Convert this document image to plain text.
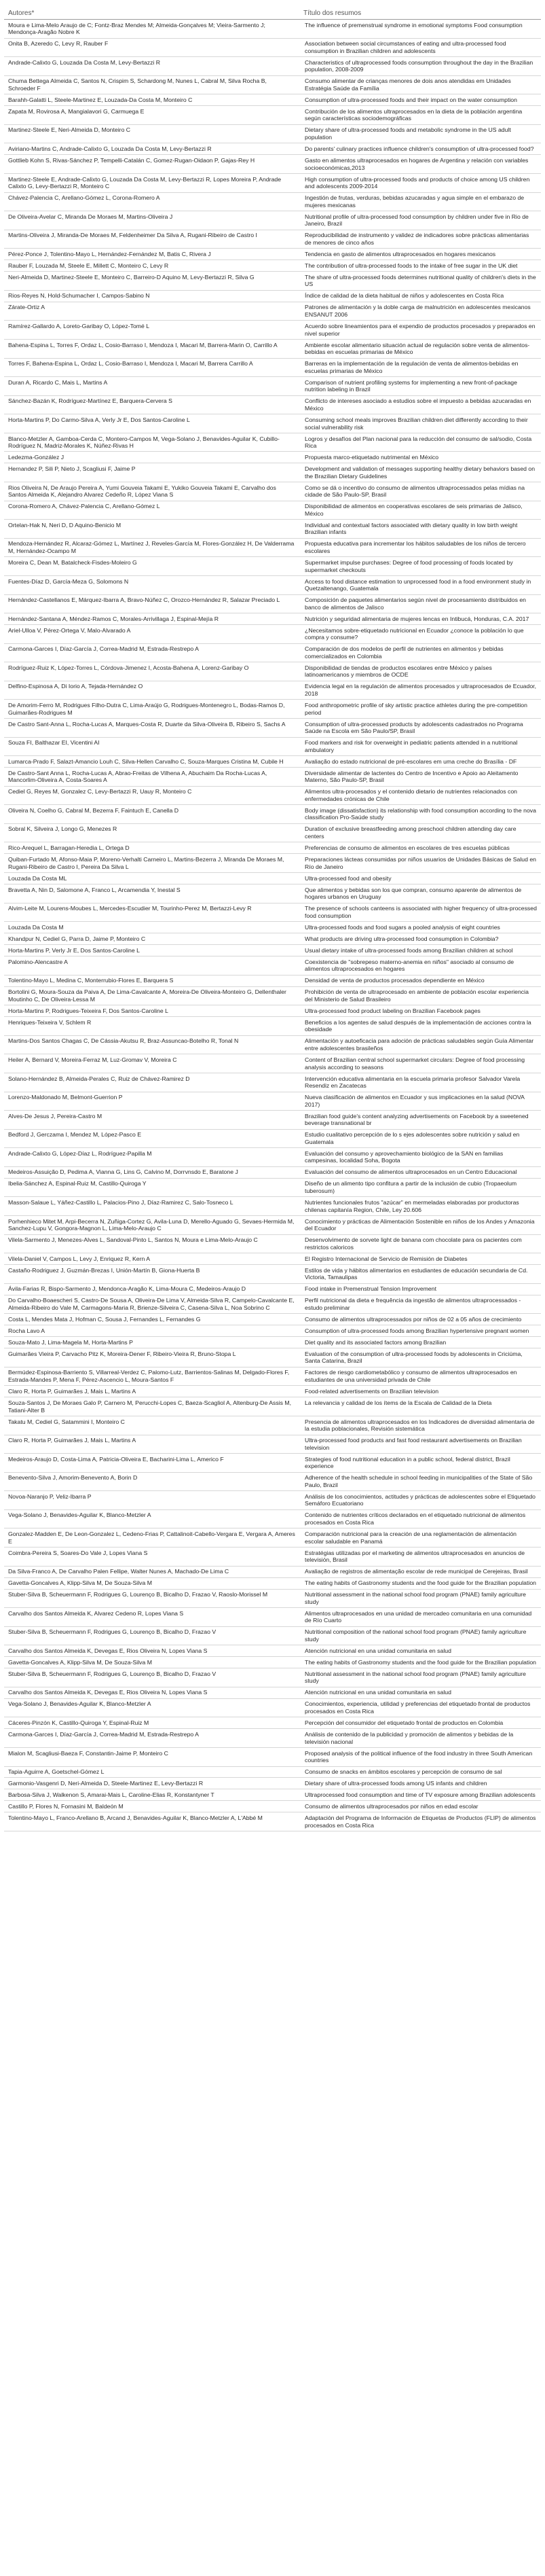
Autores*	Título dos resumos
Moura e Lima-Melo Araujo de C; Fontz-Braz Mendes M; Almeida-Gonçalves M; Vieira-Sarmento J; Mendonça-Aragão Nobre K	The influence of premenstrual syndrome in emotional symptoms Food consumption
Onita B, Azeredo C, Levy R, Rauber F	Association between social circumstances of eating and ultra-processed food consumption in Brazilian children and adolescents
Andrade-Calixto G, Louzada Da Costa M, Levy-Bertazzi R	Characteristics of ultraprocessed foods consumption throughout the day in the Brazilian population, 2008-2009
Chuma Bettega Almeida C, Santos N, Crispim S, Schardong M, Nunes L, Cabral M, Silva Rocha B, Schroeder F	Consumo alimentar de crianças menores de dois anos atendidas em Unidades Estratégia Saúde da Família
Barahh-Galatti L, Steele-Martinez E, Louzada-Da Costa M, Monteiro C	Consumption of ultra-processed foods and their impact on the water consumption
Zapata M, Rovirosa A, Mangialavori G, Carmuega E	Contribución de los alimentos ultraprocesados en la dieta de la población argentina según características sociodemográficas
Martinez-Steele E, Neri-Almeida D, Monteiro C	Dietary share of ultra-processed foods and metabolic syndrome in the US adult population
Aviriano-Martins C, Andrade-Calixto G, Louzada Da Costa M, Levy-Bertazzi R	Do parents' culinary practices influence children's consumption of ultra-processed food?
Gottlieb Kohn S, Rivas-Sánchez P, Tempelli-Catalán C, Gomez-Rugan-Oidaon P, Gajas-Rey H	Gasto en alimentos ultraprocesados en hogares de Argentina y relación con variables socioeconómicas,2013
Martinez-Steele E, Andrade-Calixto G, Louzada Da Costa M, Levy-Bertazzi R, Lopes Moreira P, Andrade Calixto G, Levy-Bertazzi R, Monteiro C	High consumption of ultra-processed foods and products of choice among US children and adolescents 2009-2014
Chávez-Palencia C, Arellano-Gómez L, Corona-Romero A	Ingestión de frutas, verduras, bebidas azucaradas y agua simple en el embarazo de mujeres mexicanas
De Oliveira-Avelar C, Miranda De Moraes M, Martins-Oliveira J	Nutritional profile of ultra-processed food consumption by children under five in Rio de Janeiro, Brazil
Martins-Oliveira J, Miranda-De Moraes M, Feldenheimer Da Silva A, Rugani-Ribeiro de Castro I	Reproducibilidad de instrumento y validez de indicadores sobre prácticas alimentarias de menores de cinco años
Pérez-Ponce J, Tolentino-Mayo L, Hernández-Fernández M, Batis C, Rivera J	Tendencia en gasto de alimentos ultraprocesados en hogares mexicanos
Rauber F, Louzada M, Steele E, Millett C, Monteiro C, Levy R	The contribution of ultra-processed foods to the intake of free sugar in the UK diet
Neri-Almeida D, Martinez-Steele E, Monteiro C, Barreiro-D Aquino M, Levy-Bertazzi R, Silva G	The share of ultra-processed foods determines nutritional quality of children's diets in the US
Rios-Reyes N, Hold-Schumacher I, Campos-Sabino N	Índice de calidad de la dieta habitual de niños y adolescentes en Costa Rica
Zárate-Ortiz A	Patrones de alimentación y la doble carga de malnutrición en adolescentes mexicanos ENSANUT 2006
Ramírez-Gallardo A, Loreto-Garibay O, López-Tomé L	Acuerdo sobre lineamientos para el expendio de productos procesados y preparados en nivel superior
Bahena-Espina L, Torres F, Ordaz L, Cosio-Barraso I, Mendoza I, Macari M, Barrera-Marin O, Carrillo A	Ambiente escolar alimentario situación actual de regulación sobre venta de alimentos-bebidas en escuelas primarias de México
Torres F, Bahena-Espina L, Ordaz L, Cosio-Barraso I, Mendoza I, Macari M, Barrera Carrillo A	Barreras en la implementación de la regulación de venta de alimentos-bebidas en escuelas primarias de México
Duran A, Ricardo C, Mais L, Martins A	Comparison of nutrient profiling systems for implementing a new front-of-package nutrition labeling in Brazil
Sánchez-Bazán K, Rodríguez-Martínez E, Barquera-Cervera S	Conflicto de intereses asociado a estudios sobre el impuesto a bebidas azucaradas en México
Horta-Martins P, Do Carmo-Silva A, Verly Jr E, Dos Santos-Caroline L	Consuming school meals improves Brazilian children diet differently according to their social vulnerability risk
Blanco-Metzler A, Gamboa-Cerda C, Montero-Campos M, Vega-Solano J, Benavides-Aguilar K, Cubillo-Rodríguez N, Madriz-Morales K, Núñez-Rivas H	Logros y desafíos del Plan nacional para la reducción del consumo de sal/sodio, Costa Rica
Ledezma-González J	Propuesta marco-etiquetado nutrimental en México
Hernandez P, Sili P, Nieto J, Scagliusi F, Jaime P	Development and validation of messages supporting healthy dietary behaviors based on the Brazilian Dietary Guidelines
Rios Oliveira N, De Araujo Pereira A, Yumi Gouveia Takami E, Yukiko Gouveia Takami E, Carvalho dos Santos Almeida K, Alejandro Alvarez Cedeño R, López Viana S	Como se dá o incentivo do consumo de alimentos ultraprocessados pelas mídias na cidade de São Paulo-SP, Brasil
Corona-Romero A, Chávez-Palencia C, Arellano-Gómez L	Disponibilidad de alimentos en cooperativas escolares de seis primarias de Jalisco, México
Ortelan-Hak N, Neri D, D Aquino-Benicio M	Individual and contextual factors associated with dietary quality in low birth weight Brazilian infants
Mendoza-Hernández R, Alcaraz-Gómez L, Martínez J, Reveles-García M, Flores-González H, De Valderrama M, Hernández-Ocampo M	Propuesta educativa para incrementar los hábitos saludables de los niños de tercero escolares
Moreira C, Dean M, Batalcheck-Fisdes-Moleiro G	Supermarket impulse purchases: Degree of food processing of foods located by supermarket checkouts
Fuentes-Díaz D, García-Meza G, Solomons N	Access to food distance estimation to unprocessed food in a food environment study in Quetzaltenango, Guatemala
Hernández-Castellanos E, Márquez-Ibarra A, Bravo-Núñez C, Orozco-Hernández R, Salazar Preciado L	Composición de paquetes alimentarios según nivel de procesamiento distribuidos en banco de alimentos de Jalisco
Hernández-Santana A, Méndez-Ramos C, Morales-Arrivillaga J, Espinal-Mejía R	Nutrición y seguridad alimentaria de mujeres lencas en Intibucá, Honduras, C.A. 2017
Ariel-Ulloa V, Pérez-Ortega V, Malo-Alvarado A	¿Necesitamos sobre-etiquetado nutricional en Ecuador ¿conoce la población lo que compra y consume?
Carmona-Garces I, Díaz-García J, Correa-Madrid M, Estrada-Restrepo A	Comparación de dos modelos de perfil de nutrientes en alimentos y bebidas comercializados en Colombia
Rodríguez-Ruiz K, López-Torres L, Córdova-Jimenez I, Acosta-Bahena A, Lorenz-Garibay O	Disponibilidad de tiendas de productos escolares entre México y países latinoamericanos y miembros de OCDE
Delfino-Espinosa A, Di Iorio A, Tejada-Hernández O	Evidencia legal en la regulación de alimentos procesados y ultraprocesados de Ecuador, 2018
De Amorim-Ferro M, Rodrigues Filho-Dutra C, Lima-Araújo G, Rodrigues-Montenegro L, Bodas-Ramos D, Guimarães-Rodrigues M	Food anthropometric profile of sky artistic practice athletes during the pre-competition period
De Castro Sant-Anna L, Rocha-Lucas A, Marques-Costa R, Duarte da Silva-Oliveira B, Ribeiro S, Sachs A	Consumption of ultra-processed products by adolescents cadastrados no Programa Saúde na Escola em São Paulo/SP, Brasil
Souza FI, Balthazar EI, Vicentini AI	Food markers and risk for overweight in pediatric patients attended in a nutritional ambulatory
Lumarca-Prado F, Salazt-Amancio Louh C, Silva-Hellen Carvalho C, Souza-Marques Cristina M, Cubile H	Avaliação do estado nutricional de pré-escolares em uma creche do Brasília - DF
De Castro-Sant Anna L, Rocha-Lucas A, Abrao-Freitas de Vilhena A, Abuchaim Da Rocha-Lucas A, Mancorlim-Oliveira A, Costa-Soares A	Diversidade alimentar de lactentes do Centro de Incentivo e Apoio ao Aleitamento Materno, São Paulo-SP, Brasil
Cediel G, Reyes M, Gonzalez C, Levy-Bertazzi R, Uauy R, Monteiro C	Alimentos ultra-procesados y el contenido dietario de nutrientes relacionados con enfermedades crónicas de Chile
Oliveira N, Coelho G, Cabral M, Bezerra F, Faintuch E, Canella D	Body image (dissatisfaction) its relationship with food consumption according to the nova classification Pro-Saúde study
Sobral K, Silveira J, Longo G, Menezes R	Duration of exclusive breastfeeding among preschool children attending day care centers
Rico-Arequel L, Barragan-Heredia L, Ortega D	Preferencias de consumo de alimentos en escolares de tres escuelas públicas
Quiban-Furtado M, Afonso-Maia P, Moreno-Verhalti Carneiro L, Martins-Bezerra J, Miranda De Moraes M, Rugani-Ribeiro de Castro I, Pereira Da Silva L	Preparaciones lácteas consumidas por niños usuarios de Unidades Básicas de Salud en Río de Janeiro
Louzada Da Costa ML	Ultra-processed food and obesity
Bravetta A, Nin D, Salomone A, Franco L, Arcamendia Y, Inestal S	Que alimentos y bebidas son los que compran, consumo aparente de alimentos de hogares urbanos en Uruguay
Alvim-Leite M, Lourens-Moubes L, Mercedes-Escudier M, Tourinho-Perez M, Bertazzi-Levy R	The presence of schools canteens is associated with higher frequency of ultra-processed food consumption
Louzada Da Costa M	Ultra-processed foods and food sugars a pooled analysis of eight countries
Khandpur N, Cediel G, Parra D, Jaime P, Monteiro C	What products are driving ultra-processed food consumption in Colombia?
Horta-Martins P, Verly Jr E, Dos Santos-Caroline L	Usual dietary intake of ultra-processed foods among Brazilian children at school
Palomino-Alencastre A	Coexistencia de "sobrepeso materno-anemia en niños" asociado al consumo de alimentos ultraprocesados en hogares
Tolentino-Mayo L, Medina C, Monterrubio-Flores E, Barquera S	Densidad de venta de productos procesados dependiente en México
Bortolini G, Moura-Souza da Paiva A, De Lima-Cavalcante A, Moreira-De Oliveira-Monteiro G, Dellenthaler Moutinho C, De Oliveira-Lessa M	Prohibición de venta de ultraprocesado en ambiente de población escolar experiencia del Ministerio de Salud Brasileiro
Horta-Martins P, Rodrigues-Teixeira F, Dos Santos-Caroline L	Ultra-processed food product labeling on Brazilian Facebook pages
Henriques-Teixeira V, Schlem R	Beneficios a los agentes de salud después de la implementación de acciones contra la obesidade
Martins-Dos Santos Chagas C, De Cássia-Akutsu R, Braz-Assuncao-Botelho R, Tonal N	Alimentación y autoeficacia para adoción de prácticas saludables según Guía Alimentar entre adolescentes brasileños
Heiler A, Bernard V, Moreira-Ferraz M, Luz-Gromav V, Moreira C	Content of Brazilian central school supermarket circulars: Degree of food processing analysis according to seasons
Solano-Hernández B, Almeida-Perales C, Ruiz de Chávez-Ramirez D	Intervención educativa alimentaria en la escuela primaria profesor Salvador Varela Resendiz en Zacatecas
Lorenzo-Maldonado M, Belmont-Guerrion P	Nueva clasificación de alimentos en Ecuador y sus implicaciones en la salud (NOVA 2017)
Alves-De Jesus J, Pereira-Castro M	Brazilian food guide's content analyzing advertisements on Facebook by a sweetened beverage transnational br
Bedford J, Gerczama I, Mendez M, López-Pasco E	Estudio cualitativo percepción de lo s ejes adolescentes sobre nutrición y salud en Guatemala
Andrade-Calixto G, López-Díaz L, Rodríguez-Papilla M	Evaluación del consumo y aprovechamiento biológico de la SAN en familias campesinas, localidad Soha, Bogota
Medeiros-Assuição D, Pedima A, Vianna G, Lins G, Calvino M, Dorrvnsdo E, Baratone J	Evaluación del consumo de alimentos ultraprocesados en un Centro Educacional
Ibelia-Sánchez A, Espinal-Ruiz M, Castillo-Quiroga Y	Diseño de un alimento tipo confitura a partir de la inclusión de cubio (Tropaeolum tuberosum)
Masson-Salaue L, Yáñez-Castillo L, Palacios-Pino J, Díaz-Ramirez C, Salo-Tosneco L	Nutrientes funcionales frutos "azúcar" en mermeladas elaboradas por productoras chilenas capitanía Region, Chile, Ley 20.606
Porhenhieco Mitet M, Arpi-Becerra N, Zuñiga-Cortez G, Avila-Luna D, Merello-Aguado G, Sevaes-Hermida M, Sanchez-Lupu V, Gongora-Magnon L, Lima-Melo-Araujo C	Conocimiento y prácticas de Alimentación Sostenible en niños de los Andes y Amazonia del Ecuador
Vilela-Sarmento J, Menezes-Alves L, Sandoval-Pinto L, Santos N, Moura e Lima-Melo-Araujo C	Desenvolvimento de sorvete light de banana com chocolate para os pacientes com restrictos caloricos
Vilela-Daniel V, Campos L, Levy J, Enriquez R, Kern A	El Registro Internacional de Servicio de Remisión de Diabetes
Castaño-Rodriguez J, Guzmán-Brezas I, Unión-Martín B, Giona-Huerta B	Estilos de vida y hábitos alimentarios en estudiantes de educación secundaria de Cd. Victoria, Tamaulipas
Ávila-Farias R, Bispo-Sarmento J, Mendonca-Aragão K, Lima-Moura C, Medeiros-Araujo D	Food intake in Premenstrual Tension Improvement
Do Carvalho-Boaescheri S, Castro-De Sousa A, Oliveira-De Lima V, Almeida-Silva R, Campelo-Cavalcante E, Almeida-Ribeiro do Vale M, Carmagons-Maria R, Brienze-Silveira C, Casena-Silva L, Noa Sobrino C	Perfil nutricional da dieta e frequência da ingestão de alimentos ultraprocessados - estudo preliminar
Costa L, Mendes Mata J, Hofman C, Sousa J, Fernandes L, Fernandes G	Consumo de alimentos ultraprocessados por niños de 02 a 05 años de crecimiento
Rocha Lavo A	Consumption of ultra-processed foods among Brazilian hypertensive pregnant women
Souza-Mato J, Lima-Magela M, Horta-Martins P	Diet quality and its associated factors among Brazilian
Guimarães Vieira P, Carvacho Pitz K, Moreira-Dener F, Ribeiro-Vieira R, Bruno-Stopa L	Evaluation of the consumption of ultra-processed foods by adolescents in Criciúma, Santa Catarina, Brazil
Bermúdez-Espinosa-Barriento S, Villarreal-Verdez C, Palomo-Lutz, Barrientos-Salinas M, Delgado-Flores F, Estrada-Mandes P, Mena F, Pérez-Ascencio L, Moura-Santos F	Factores de riesgo cardiometabólico y consumo de alimentos ultraprocesados en estudiantes de una universidad privada de Chile
Claro R, Horta P, Guimarães J, Mais L, Martins A	Food-related advertisements on Brazilian television
Souza-Santos J, De Moraes Galo P, Carnero M, Perucchi-Lopes C, Baeza-Scagliol A, Altenburg-De Assis M, Tatiani-Alter B	La relevancia y calidad de los ítems de la Escala de Calidad de la Dieta
Takatu M, Cediel G, Satammini I, Monteiro C	Presencia de alimentos ultraprocesados en los Indicadores de diversidad alimentaria de la estudia poblacionales, Revisión sistemática
Claro R, Horta P, Guimarães J, Mais L, Martins A	Ultra-processed food products and fast food restaurant advertisements on Brazilian television
Medeiros-Araujo D, Costa-Lima A, Patricia-Oliveira E, Bacharini-Lima L, Americo F	Strategies of food nutritional education in a public school, federal district, Brazil experience
Benevento-Silva J, Amorim-Benevento A, Borin D	Adherence of the health schedule in school feeding in municipalities of the State of São Paulo, Brazil
Novoa-Naranjo P, Veliz-Ibarra P	Análisis de los conocimientos, actitudes y prácticas de adolescentes sobre el Etiquetado Semáforo Ecuatoriano
Vega-Solano J, Benavides-Aguilar K, Blanco-Metzler A	Contenido de nutrientes críticos declarados en el etiquetado nutricional de alimentos procesados en Costa Rica
Gonzalez-Madden E, De Leon-Gonzalez L, Cedeno-Frias P, Cattalinoit-Cabello-Vergara E, Vergara A, Ameres E	Comparación nutricional para la creación de una reglamentación de alimentación escolar saludable en Panamá
Coimbra-Pereira S, Soares-Do Vale J, Lopes Viana S	Estratégias utilizadas por el marketing de alimentos ultraprocesados en anuncios de televisión, Brasil
Da Silva-Franco A, De Carvalho Palen Fellipe, Walter Nunes A, Machado-De Lima C	Avaliação de registros de alimentação escolar de rede municipal de Cerejeiras, Brasil
Gavetta-Goncalves A, Klipp-Silva M, De Souza-Silva M	The eating habits of Gastronomy students and the food guide for the Brazilian population
Stuber-Silva B, Scheuermann F, Rodrigues G, Lourenço B, Bicalho D, Frazao V, Raoslo-Morissel M	Nutritional assessment in the national school food program (PNAE) family agriculture study
Carvalho dos Santos Almeida K, Alvarez Cedeno R, Lopes Viana S	Alimentos ultraprocesados en una unidad de mercadeo comunitaria en una comunidad de Río Cuarto
Stuber-Silva B, Scheuermann F, Rodrigues G, Lourenço B, Bicalho D, Frazao V	Nutritional composition of the national school food program (PNAE) family agriculture study
Carvalho dos Santos Almeida K, Devegas E, Rios Oliveira N, Lopes Viana S	Atención nutricional en una unidad comunitaria en salud
Gavetta-Goncalves A, Klipp-Silva M, De Souza-Silva M	The eating habits of Gastronomy students and the food guide for the Brazilian population
Stuber-Silva B, Scheuermann F, Rodrigues G, Lourenço B, Bicalho D, Frazao V	Nutritional assessment in the national school food program (PNAE) family agriculture study
Carvalho dos Santos Almeida K, Devegas E, Rios Oliveira N, Lopes Viana S	Atención nutricional en una unidad comunitaria en salud
Vega-Solano J, Benavides-Aguilar K, Blanco-Metzler A	Conocimientos, experiencia, utilidad y preferencias del etiquetado frontal de productos procesados en Costa Rica
Cáceres-Pinzón K, Castillo-Quiroga Y, Espinal-Ruiz M	Percepción del consumidor del etiquetado frontal de productos en Colombia
Carmona-Garces I, Díaz-García J, Correa-Madrid M, Estrada-Restrepo A	Análisis de contenido de la publicidad y promoción de alimentos y bebidas de la televisión nacional
Mialon M, Scagliusi-Baeza F, Constantin-Jaime P, Monteiro C	Proposed analysis of the political influence of the food industry in three South American countries
Tapia-Aguirre A, Goetschel-Gómez L	Consumo de snacks en ámbitos escolares y percepción de consumo de sal
Garmonio-Vasgenri D, Neri-Almeida D, Steele-Martinez E, Levy-Bertazzi R	Dietary share of ultra-processed foods among US infants and children
Barbosa-Silva J, Walkenon S, Amarai-Mais L, Caroline-Elias R, Konstantyner T	Ultraprocessed food consumption and time of TV exposure among Brazilian adolescents
Castillo P, Flores N, Fornasini M, Baldeón M	Consumo de alimentos ultraprocesados por niños en edad escolar
Tolentino-Mayo L, Franco-Arellano B, Arcand J, Benavides-Aguilar K, Blanco-Metzler A, L'Abbé M	Adaptación del Programa de Información de Etiquetas de Productos (FLIP) de alimentos procesados en Costa Rica
